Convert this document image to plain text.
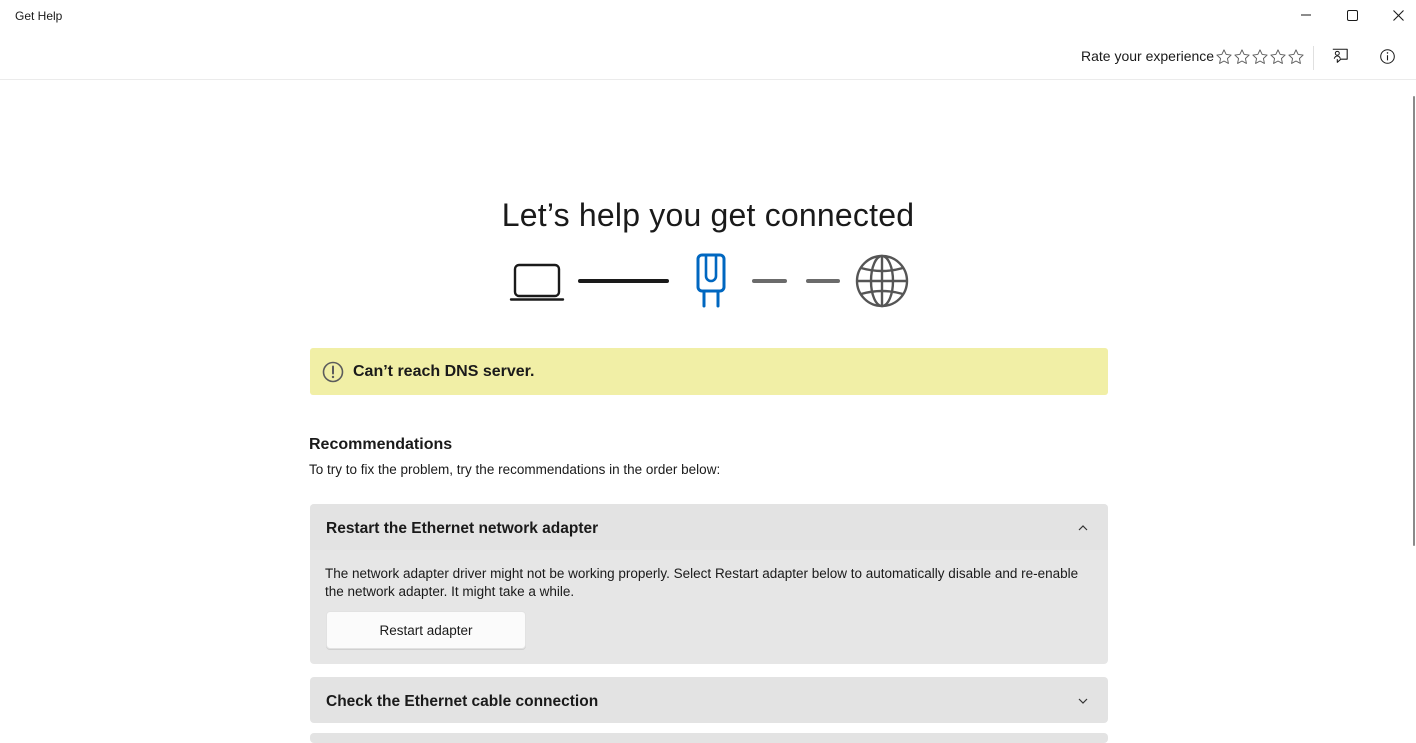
Get Help
Rate your experience
Let’s help you get connected
Can’t reach DNS server.
Recommendations
To try to fix the problem, try the recommendations in the order below:
Restart the Ethernet network adapter
The network adapter driver might not be working properly. Select Restart adapter below to automatically disable and re-enable the network adapter. It might take a while.
Restart adapter
Check the Ethernet cable connection
